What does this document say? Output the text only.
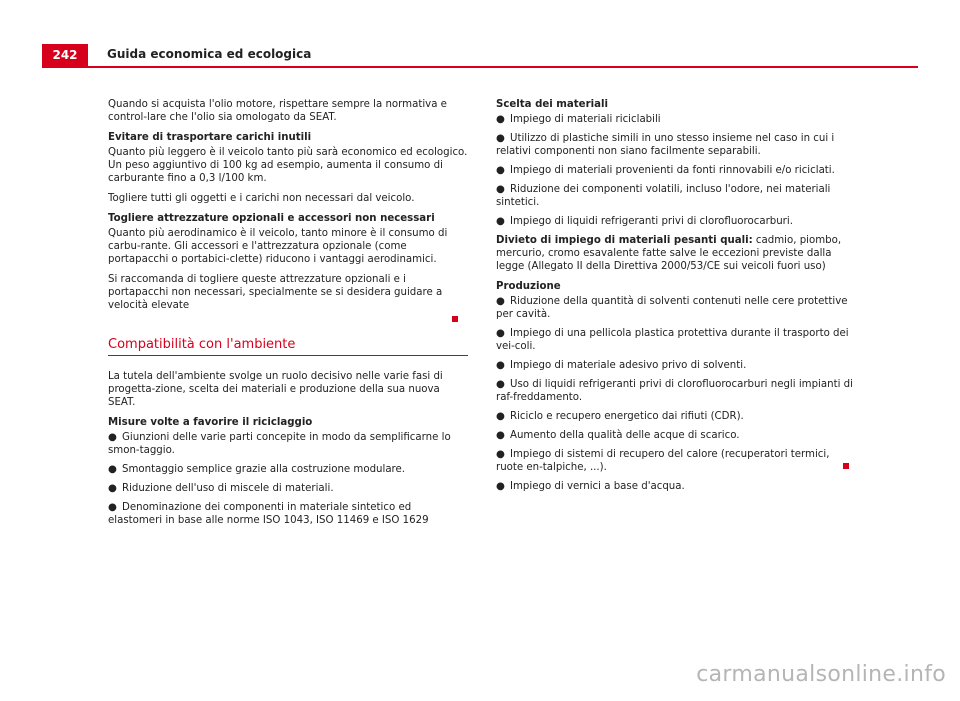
242	Guida economica ed ecologica

Quando si acquista l'olio motore, rispettare sempre la normativa e control-lare che l'olio sia omologato da SEAT.

Evitare di trasportare carichi inutili

Quanto più leggero è il veicolo tanto più sarà economico ed ecologico. Un peso aggiuntivo di 100 kg ad esempio, aumenta il consumo di carburante fino a 0,3 l/100 km.

Togliere tutti gli oggetti e i carichi non necessari dal veicolo.

Togliere attrezzature opzionali e accessori non necessari

Quanto più aerodinamico è il veicolo, tanto minore è il consumo di carbu-rante. Gli accessori e l'attrezzatura opzionale (come portapacchi o portabici-clette) riducono i vantaggi aerodinamici.

Si raccomanda di togliere queste attrezzature opzionali e i portapacchi non necessari, specialmente se si desidera guidare a velocità elevate

Compatibilità con l'ambiente

La tutela dell'ambiente svolge un ruolo decisivo nelle varie fasi di progetta-zione, scelta dei materiali e produzione della sua nuova SEAT.

Misure volte a favorire il riciclaggio
● Giunzioni delle varie parti concepite in modo da semplificarne lo smon-taggio.
● Smontaggio semplice grazie alla costruzione modulare.
● Riduzione dell'uso di miscele di materiali.
● Denominazione dei componenti in materiale sintetico ed elastomeri in base alle norme ISO 1043, ISO 11469 e ISO 1629
Scelta dei materiali
● Impiego di materiali riciclabili
● Utilizzo di plastiche simili in uno stesso insieme nel caso in cui i relativi componenti non siano facilmente separabili.
● Impiego di materiali provenienti da fonti rinnovabili e/o riciclati.
● Riduzione dei componenti volatili, incluso l'odore, nei materiali sintetici.
● Impiego di liquidi refrigeranti privi di clorofluorocarburi.

Divieto di impiego di materiali pesanti quali: cadmio, piombo, mercurio, cromo esavalente fatte salve le eccezioni previste dalla legge (Allegato II della Direttiva 2000/53/CE sui veicoli fuori uso)

Produzione
● Riduzione della quantità di solventi contenuti nelle cere protettive per cavità.
● Impiego di una pellicola plastica protettiva durante il trasporto dei vei-coli.
● Impiego di materiale adesivo privo di solventi.
● Uso di liquidi refrigeranti privi di clorofluorocarburi negli impianti di raf-freddamento.
● Riciclo e recupero energetico dai rifiuti (CDR).
● Aumento della qualità delle acque di scarico.
● Impiego di sistemi di recupero del calore (recuperatori termici, ruote en-talpiche, ...).
● Impiego di vernici a base d'acqua.
carmanualsonline.info
